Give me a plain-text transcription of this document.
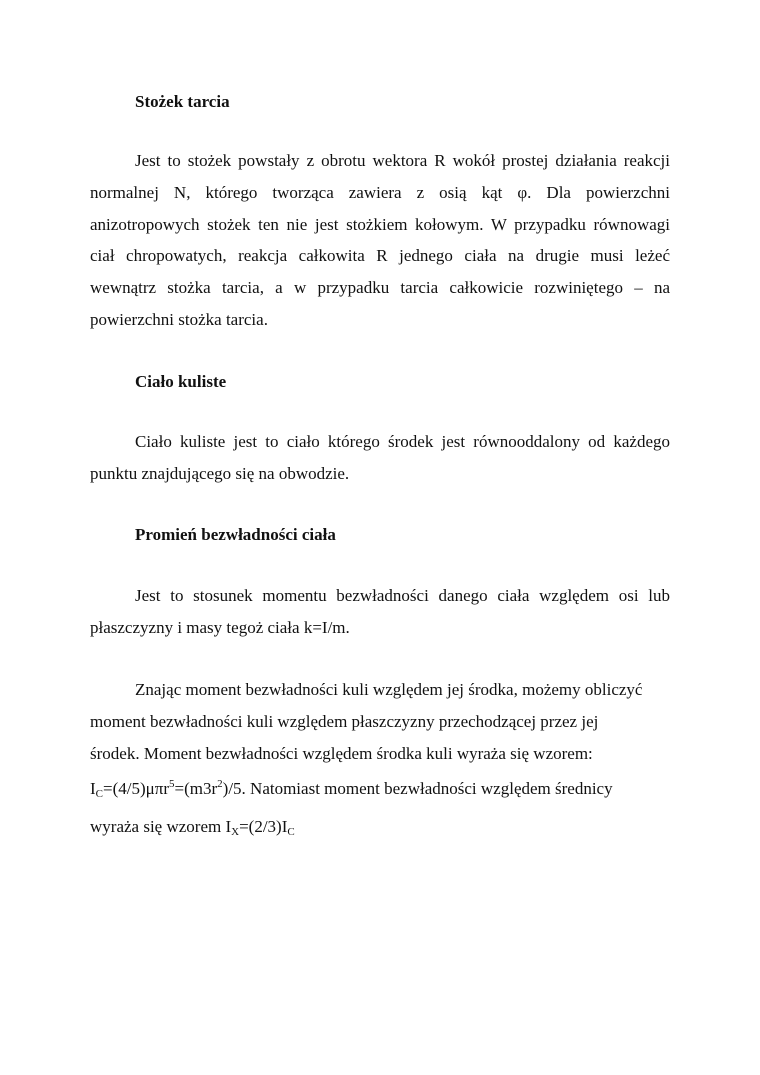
Stożek tarcia

Jest to stożek powstały z obrotu wektora R wokół prostej działania reakcji
normalnej N, którego tworząca zawiera z osią kąt φ. Dla powierzchni
anizotropowych stożek ten nie jest stożkiem kołowym. W przypadku równowagi
ciał chropowatych, reakcja całkowita R jednego ciała na drugie musi leżeć
wewnątrz stożka tarcia, a w przypadku tarcia całkowicie rozwiniętego – na
powierzchni stożka tarcia.

Ciało kuliste

Ciało kuliste jest to ciało którego środek jest równooddalony od każdego
punktu znajdującego się na obwodzie.

Promień bezwładności ciała

Jest to stosunek momentu bezwładności danego ciała względem osi lub
płaszczyzny i masy tegoż ciała k=I/m.

Znając moment bezwładności kuli względem jej środka, możemy obliczyć
moment bezwładności kuli względem płaszczyzny przechodzącej przez jej
środek. Moment bezwładności względem środka kuli wyraża się wzorem:
$I_C=(4/5)\mu\pi r^5=(m3r^2)/5$. Natomiast moment bezwładności względem średnicy
wyraża się wzorem $I_X=(2/3)I_C$
